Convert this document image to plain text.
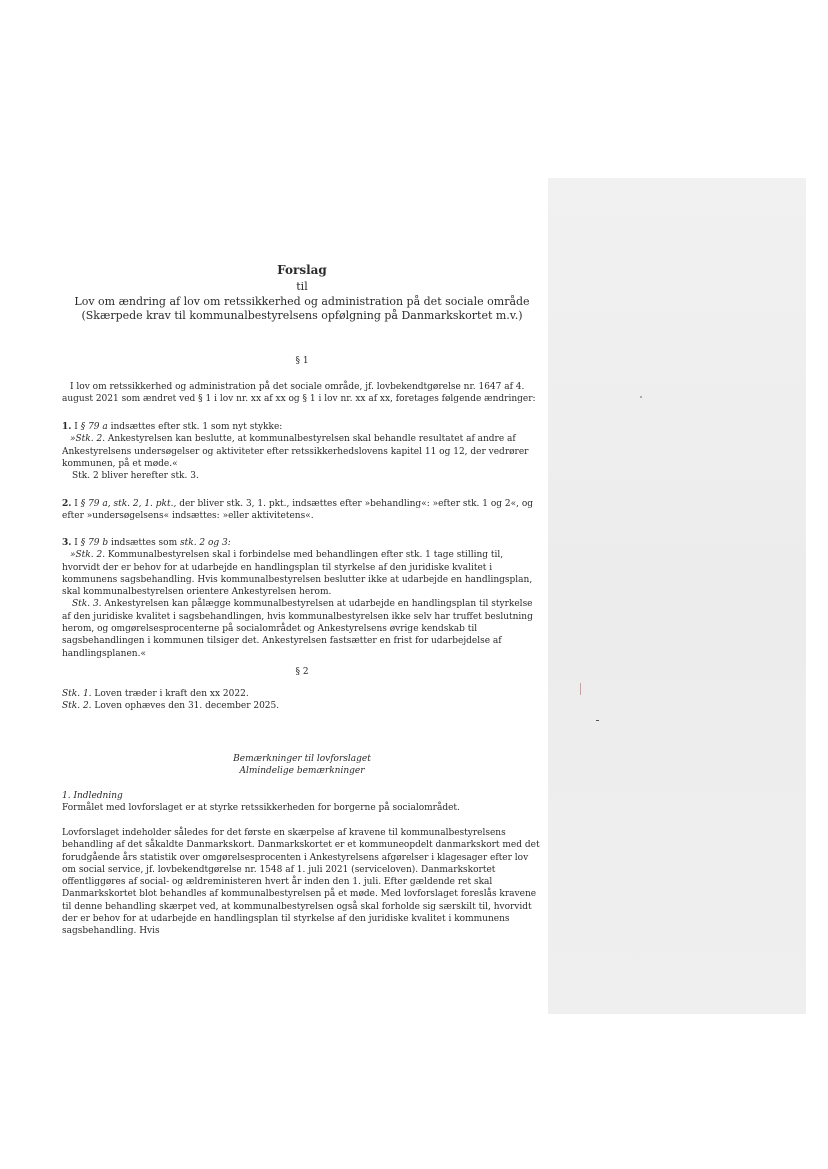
Forslag
til
Lov om ændring af lov om retssikkerhed og administration på det sociale område
(Skærpede krav til kommunalbestyrelsens opfølgning på Danmarkskortet m.v.)
§ 1
I lov om retssikkerhed og administration på det sociale område, jf. lovbekendtgørelse nr. 1647 af 4. august 2021 som ændret ved § 1 i lov nr. xx af xx og § 1 i lov nr. xx af xx, foretages følgende ændringer:
1. I § 79 a indsættes efter stk. 1 som nyt stykke:
»Stk. 2. Ankestyrelsen kan beslutte, at kommunalbestyrelsen skal behandle resultatet af andre af Ankestyrelsens undersøgelser og aktiviteter efter retssikkerhedslovens kapitel 11 og 12, der vedrører kommunen, på et møde.«
Stk. 2 bliver herefter stk. 3.
2. I § 79 a, stk. 2, 1. pkt., der bliver stk. 3, 1. pkt., indsættes efter »behandling«: »efter stk. 1 og 2«, og efter »undersøgelsens« indsættes: »eller aktivitetens«.
3. I § 79 b indsættes som stk. 2 og 3:
»Stk. 2. Kommunalbestyrelsen skal i forbindelse med behandlingen efter stk. 1 tage stilling til, hvorvidt der er behov for at udarbejde en handlingsplan til styrkelse af den juridiske kvalitet i kommunens sagsbehandling. Hvis kommunalbestyrelsen beslutter ikke at udarbejde en handlingsplan, skal kommunalbestyrelsen orientere Ankestyrelsen herom.
Stk. 3. Ankestyrelsen kan pålægge kommunalbestyrelsen at udarbejde en handlingsplan til styrkelse af den juridiske kvalitet i sagsbehandlingen, hvis kommunalbestyrelsen ikke selv har truffet beslutning herom, og omgørelsesprocenterne på socialområdet og Ankestyrelsens øvrige kendskab til sagsbehandlingen i kommunen tilsiger det. Ankestyrelsen fastsætter en frist for udarbejdelse af handlingsplanen.«
§ 2
Stk. 1. Loven træder i kraft den xx 2022.
Stk. 2. Loven ophæves den 31. december 2025.
Bemærkninger til lovforslaget
Almindelige bemærkninger
1. Indledning
Formålet med lovforslaget er at styrke retssikkerheden for borgerne på socialområdet.
Lovforslaget indeholder således for det første en skærpelse af kravene til kommunalbestyrelsens behandling af det såkaldte Danmarkskort. Danmarkskortet er et kommuneopdelt danmarkskort med det forudgående års statistik over omgørelsesprocenten i Ankestyrelsens afgørelser i klagesager efter lov om social service, jf. lovbekendtgørelse nr. 1548 af 1. juli 2021 (serviceloven). Danmarkskortet offentliggøres af social- og ældreministeren hvert år inden den 1. juli. Efter gældende ret skal Danmarkskortet blot behandles af kommunalbestyrelsen på et møde. Med lovforslaget foreslås kravene til denne behandling skærpet ved, at kommunalbestyrelsen også skal forholde sig særskilt til, hvorvidt der er behov for at udarbejde en handlingsplan til styrkelse af den juridiske kvalitet i kommunens sagsbehandling. Hvis
